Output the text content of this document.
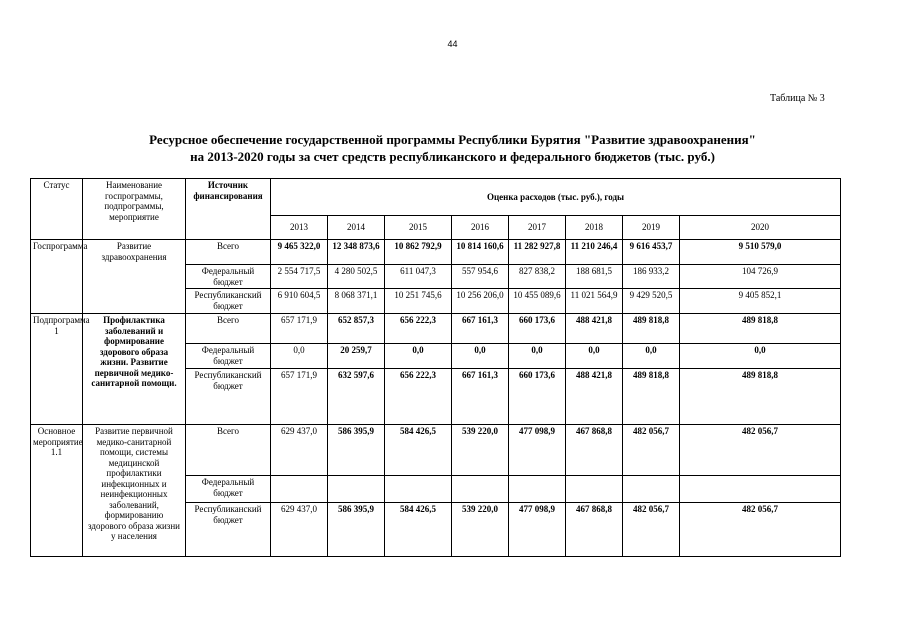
44
Таблица № 3
Ресурсное обеспечение государственной программы Республики Бурятия "Развитие здравоохранения"
на 2013-2020 годы за счет средств республиканского и федерального бюджетов (тыс. руб.)
Статус	Наименование госпрограммы, подпрограммы, мероприятие	Источник финансирования	Оценка расходов (тыс. руб.), годы							
			2013	2014	2015	2016	2017	2018	2019	2020
Госпрограмма	Развитие здравоохранения	Всего	9 465 322,0	12 348 873,6	10 862 792,9	10 814 160,6	11 282 927,8	11 210 246,4	9 616 453,7	9 510 579,0
		Федеральный бюджет	2 554 717,5	4 280 502,5	611 047,3	557 954,6	827 838,2	188 681,5	186 933,2	104 726,9
		Республиканский бюджет	6 910 604,5	8 068 371,1	10 251 745,6	10 256 206,0	10 455 089,6	11 021 564,9	9 429 520,5	9 405 852,1
Подпрограмма 1	Профилактика заболеваний и формирование здорового образа жизни. Развитие первичной медико-санитарной помощи.	Всего	657 171,9	652 857,3	656 222,3	667 161,3	660 173,6	488 421,8	489 818,8	489 818,8
		Федеральный бюджет	0,0	20 259,7	0,0	0,0	0,0	0,0	0,0	0,0
		Республиканский бюджет	657 171,9	632 597,6	656 222,3	667 161,3	660 173,6	488 421,8	489 818,8	489 818,8
Основное мероприятие 1.1	Развитие первичной медико-санитарной помощи, системы медицинской профилактики инфекционных и неинфекционных заболеваний, формированию здорового образа жизни у населения	Всего	629 437,0	586 395,9	584 426,5	539 220,0	477 098,9	467 868,8	482 056,7	482 056,7
		Федеральный бюджет								
		Республиканский бюджет	629 437,0	586 395,9	584 426,5	539 220,0	477 098,9	467 868,8	482 056,7	482 056,7
